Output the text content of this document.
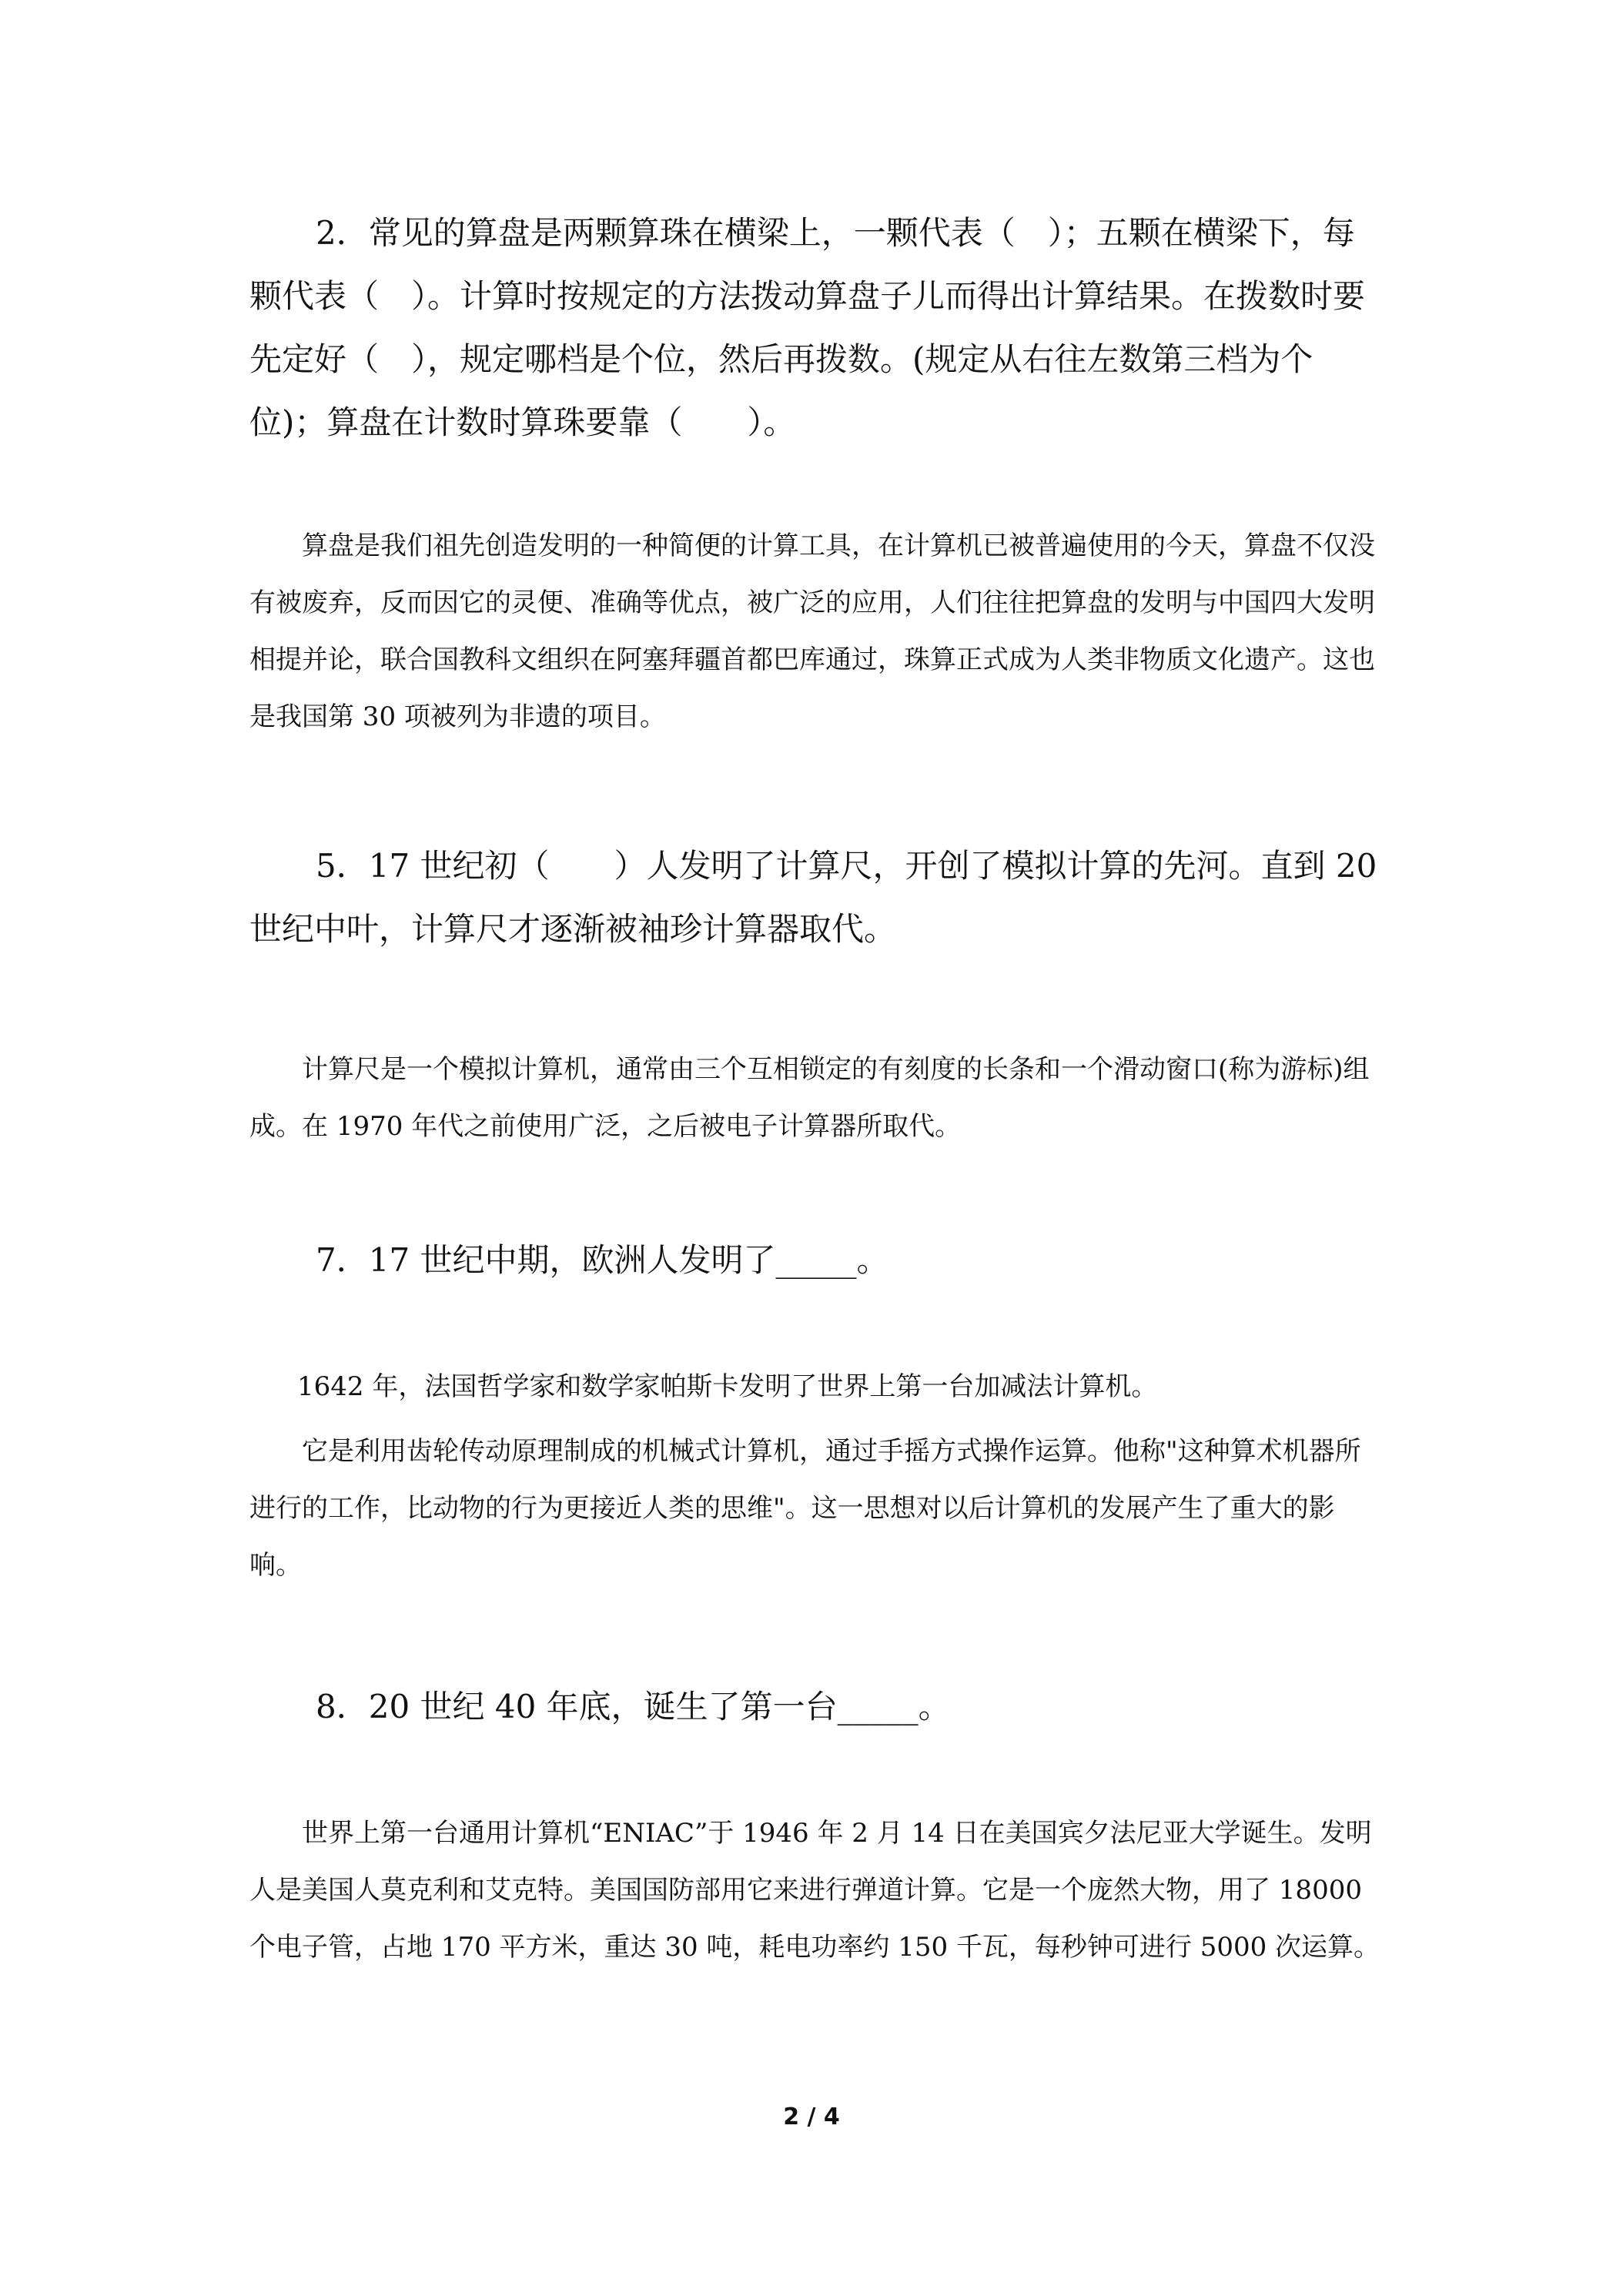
2．常见的算盘是两颗算珠在横梁上，一颗代表（　）；五颗在横梁下，每颗代表（　）。计算时按规定的方法拨动算盘子儿而得出计算结果。在拨数时要先定好（　），规定哪档是个位，然后再拨数。(规定从右往左数第三档为个位)；算盘在计数时算珠要靠（　　）。

算盘是我们祖先创造发明的一种简便的计算工具，在计算机已被普遍使用的今天，算盘不仅没有被废弃，反而因它的灵便、准确等优点，被广泛的应用，人们往往把算盘的发明与中国四大发明相提并论，联合国教科文组织在阿塞拜疆首都巴库通过，珠算正式成为人类非物质文化遗产。这也是我国第 30 项被列为非遗的项目。

5．17 世纪初（　　）人发明了计算尺，开创了模拟计算的先河。直到 20 世纪中叶，计算尺才逐渐被袖珍计算器取代。

计算尺是一个模拟计算机，通常由三个互相锁定的有刻度的长条和一个滑动窗口(称为游标)组成。在 1970 年代之前使用广泛，之后被电子计算器所取代。

7．17 世纪中期，欧洲人发明了_____。

1642 年，法国哲学家和数学家帕斯卡发明了世界上第一台加减法计算机。

它是利用齿轮传动原理制成的机械式计算机，通过手摇方式操作运算。他称"这种算术机器所进行的工作，比动物的行为更接近人类的思维"。这一思想对以后计算机的发展产生了重大的影响。

8．20 世纪 40 年底，诞生了第一台_____。

世界上第一台通用计算机“ENIAC”于 1946 年 2 月 14 日在美国宾夕法尼亚大学诞生。发明人是美国人莫克利和艾克特。美国国防部用它来进行弹道计算。它是一个庞然大物，用了 18000 个电子管，占地 170 平方米，重达 30 吨，耗电功率约 150 千瓦，每秒钟可进行 5000 次运算。

2 / 4
